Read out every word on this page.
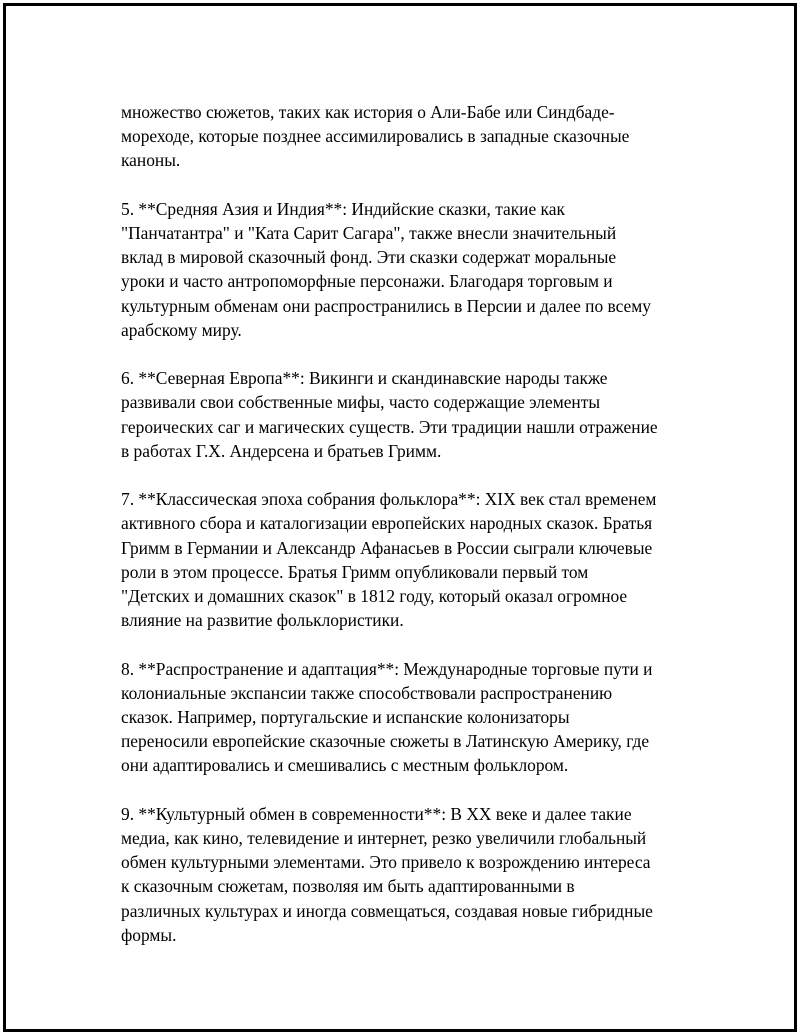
множество сюжетов, таких как история о Али-Бабе или Синдбаде-
мореходе, которые позднее ассимилировались в западные сказочные
каноны.

5. **Средняя Азия и Индия**: Индийские сказки, такие как
"Панчатантра" и "Ката Сарит Сагара", также внесли значительный
вклад в мировой сказочный фонд. Эти сказки содержат моральные
уроки и часто антропоморфные персонажи. Благодаря торговым и
культурным обменам они распространились в Персии и далее по всему
арабскому миру.

6. **Северная Европа**: Викинги и скандинавские народы также
развивали свои собственные мифы, часто содержащие элементы
героических саг и магических существ. Эти традиции нашли отражение
в работах Г.Х. Андерсена и братьев Гримм.

7. **Классическая эпоха собрания фольклора**: XIX век стал временем
активного сбора и каталогизации европейских народных сказок. Братья
Гримм в Германии и Александр Афанасьев в России сыграли ключевые
роли в этом процессе. Братья Гримм опубликовали первый том
"Детских и домашних сказок" в 1812 году, который оказал огромное
влияние на развитие фольклористики.

8. **Распространение и адаптация**: Международные торговые пути и
колониальные экспансии также способствовали распространению
сказок. Например, португальские и испанские колонизаторы
переносили европейские сказочные сюжеты в Латинскую Америку, где
они адаптировались и смешивались с местным фольклором.

9. **Культурный обмен в современности**: В XX веке и далее такие
медиа, как кино, телевидение и интернет, резко увеличили глобальный
обмен культурными элементами. Это привело к возрождению интереса
к сказочным сюжетам, позволяя им быть адаптированными в
различных культурах и иногда совмещаться, создавая новые гибридные
формы.
